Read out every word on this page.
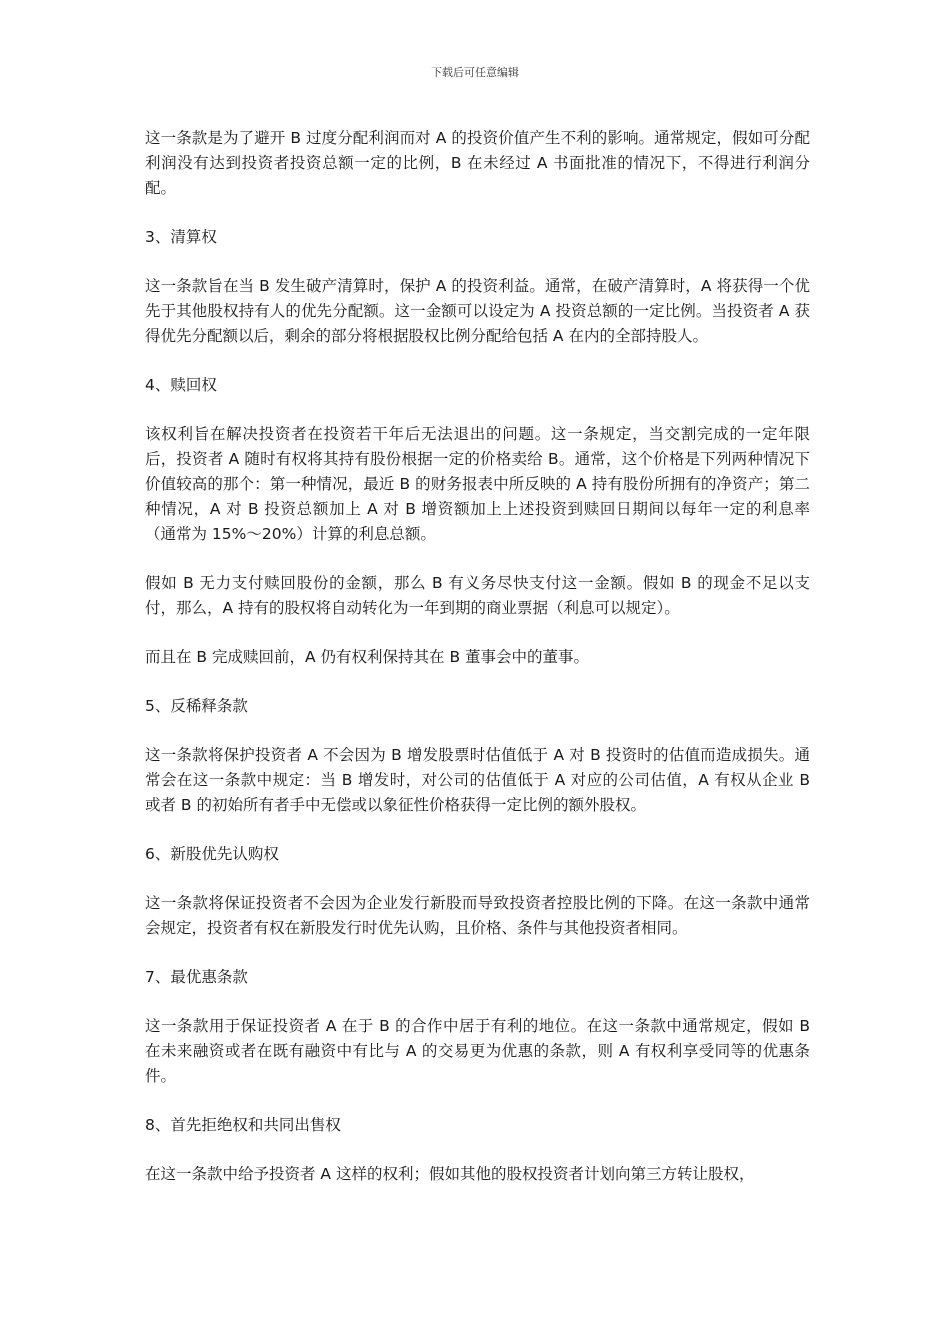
下载后可任意编辑

这一条款是为了避开 B 过度分配利润而对 A 的投资价值产生不利的影响。通常规定，假如可分配利润没有达到投资者投资总额一定的比例，B 在未经过 A 书面批准的情况下，不得进行利润分配。

3、清算权

这一条款旨在当 B 发生破产清算时，保护 A 的投资利益。通常，在破产清算时，A 将获得一个优先于其他股权持有人的优先分配额。这一金额可以设定为 A 投资总额的一定比例。当投资者 A 获得优先分配额以后，剩余的部分将根据股权比例分配给包括 A 在内的全部持股人。

4、赎回权

该权利旨在解决投资者在投资若干年后无法退出的问题。这一条规定，当交割完成的一定年限后，投资者 A 随时有权将其持有股份根据一定的价格卖给 B。通常，这个价格是下列两种情况下价值较高的那个：第一种情况，最近 B 的财务报表中所反映的 A 持有股份所拥有的净资产；第二种情况，A 对 B 投资总额加上 A 对 B 增资额加上上述投资到赎回日期间以每年一定的利息率（通常为 15%～20%）计算的利息总额。

假如 B 无力支付赎回股份的金额，那么 B 有义务尽快支付这一金额。假如 B 的现金不足以支付，那么，A 持有的股权将自动转化为一年到期的商业票据（利息可以规定）。

而且在 B 完成赎回前，A 仍有权利保持其在 B 董事会中的董事。

5、反稀释条款

这一条款将保护投资者 A 不会因为 B 增发股票时估值低于 A 对 B 投资时的估值而造成损失。通常会在这一条款中规定：当 B 增发时，对公司的估值低于 A 对应的公司估值，A 有权从企业 B 或者 B 的初始所有者手中无偿或以象征性价格获得一定比例的额外股权。

6、新股优先认购权

这一条款将保证投资者不会因为企业发行新股而导致投资者控股比例的下降。在这一条款中通常会规定，投资者有权在新股发行时优先认购，且价格、条件与其他投资者相同。

7、最优惠条款

这一条款用于保证投资者 A 在于 B 的合作中居于有利的地位。在这一条款中通常规定，假如 B 在未来融资或者在既有融资中有比与 A 的交易更为优惠的条款，则 A 有权利享受同等的优惠条件。

8、首先拒绝权和共同出售权

在这一条款中给予投资者 A 这样的权利；假如其他的股权投资者计划向第三方转让股权，
